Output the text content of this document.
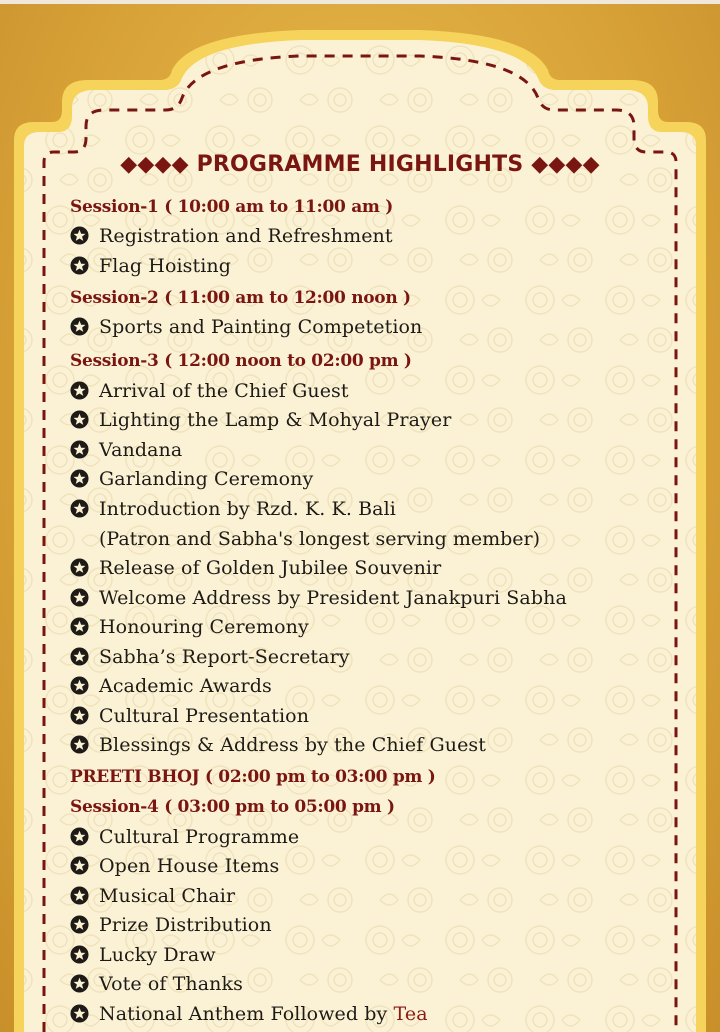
◆◆◆◆ PROGRAMME HIGHLIGHTS ◆◆◆◆
Session-1 ( 10:00 am to 11:00 am )
Registration and Refreshment
Flag Hoisting
Session-2 ( 11:00 am to 12:00 noon )
Sports and Painting Competetion
Session-3 ( 12:00 noon to 02:00 pm )
Arrival of the Chief Guest
Lighting the Lamp & Mohyal Prayer
Vandana
Garlanding Ceremony
Introduction by Rzd. K. K. Bali
(Patron and Sabha's longest serving member)
Release of Golden Jubilee Souvenir
Welcome Address by President Janakpuri Sabha
Honouring Ceremony
Sabha’s Report-Secretary
Academic Awards
Cultural Presentation
Blessings & Address by the Chief Guest
PREETI BHOJ ( 02:00 pm to 03:00 pm )
Session-4 ( 03:00 pm to 05:00 pm )
Cultural Programme
Open House Items
Musical Chair
Prize Distribution
Lucky Draw
Vote of Thanks
National Anthem Followed by Tea
